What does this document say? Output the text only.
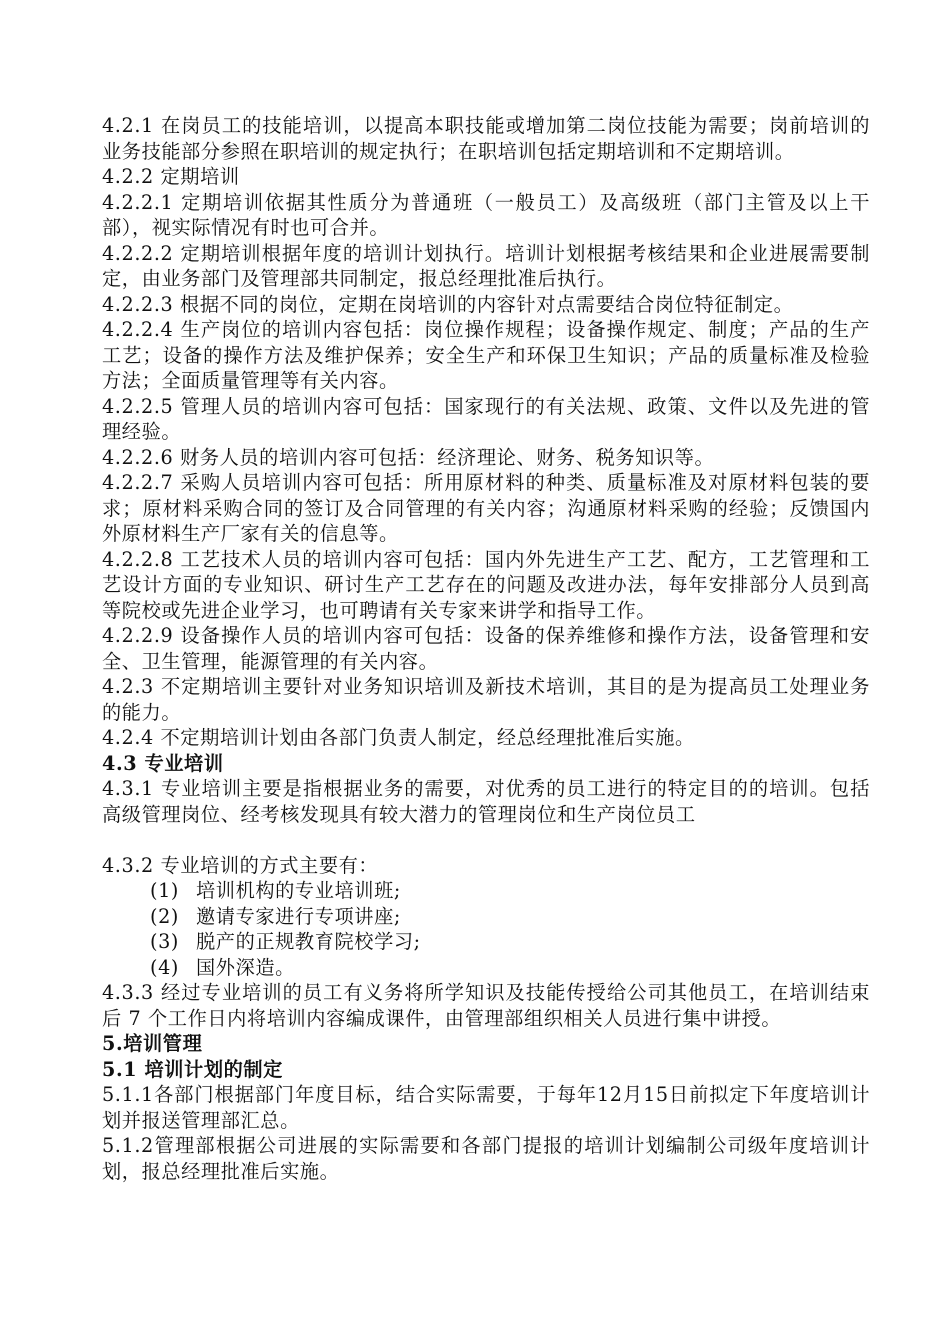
4.2.1 在岗员工的技能培训，以提高本职技能或增加第二岗位技能为需要；岗前培训的业务技能部分参照在职培训的规定执行；在职培训包括定期培训和不定期培训。

4.2.2 定期培训

4.2.2.1 定期培训依据其性质分为普通班（一般员工）及高级班（部门主管及以上干部），视实际情况有时也可合并。

4.2.2.2 定期培训根据年度的培训计划执行。培训计划根据考核结果和企业进展需要制定，由业务部门及管理部共同制定，报总经理批准后执行。

4.2.2.3 根据不同的岗位，定期在岗培训的内容针对点需要结合岗位特征制定。

4.2.2.4 生产岗位的培训内容包括：岗位操作规程；设备操作规定、制度；产品的生产工艺；设备的操作方法及维护保养；安全生产和环保卫生知识；产品的质量标准及检验方法；全面质量管理等有关内容。

4.2.2.5 管理人员的培训内容可包括：国家现行的有关法规、政策、文件以及先进的管理经验。

4.2.2.6 财务人员的培训内容可包括：经济理论、财务、税务知识等。

4.2.2.7 采购人员培训内容可包括：所用原材料的种类、质量标准及对原材料包装的要求；原材料采购合同的签订及合同管理的有关内容；沟通原材料采购的经验；反馈国内外原材料生产厂家有关的信息等。

4.2.2.8 工艺技术人员的培训内容可包括：国内外先进生产工艺、配方，工艺管理和工艺设计方面的专业知识、研讨生产工艺存在的问题及改进办法，每年安排部分人员到高等院校或先进企业学习，也可聘请有关专家来讲学和指导工作。

4.2.2.9 设备操作人员的培训内容可包括：设备的保养维修和操作方法，设备管理和安全、卫生管理，能源管理的有关内容。

4.2.3 不定期培训主要针对业务知识培训及新技术培训，其目的是为提高员工处理业务的能力。

4.2.4 不定期培训计划由各部门负责人制定，经总经理批准后实施。

4.3 专业培训

4.3.1 专业培训主要是指根据业务的需要，对优秀的员工进行的特定目的的培训。包括高级管理岗位、经考核发现具有较大潜力的管理岗位和生产岗位员工

4.3.2 专业培训的方式主要有：

(1) 培训机构的专业培训班;

(2) 邀请专家进行专项讲座;

(3) 脱产的正规教育院校学习;

(4) 国外深造。

4.3.3 经过专业培训的员工有义务将所学知识及技能传授给公司其他员工，在培训结束后 7 个工作日内将培训内容编成课件，由管理部组织相关人员进行集中讲授。

5.培训管理

5.1 培训计划的制定

5.1.1各部门根据部门年度目标，结合实际需要，于每年12月15日前拟定下年度培训计划并报送管理部汇总。

5.1.2管理部根据公司进展的实际需要和各部门提报的培训计划编制公司级年度培训计划，报总经理批准后实施。
